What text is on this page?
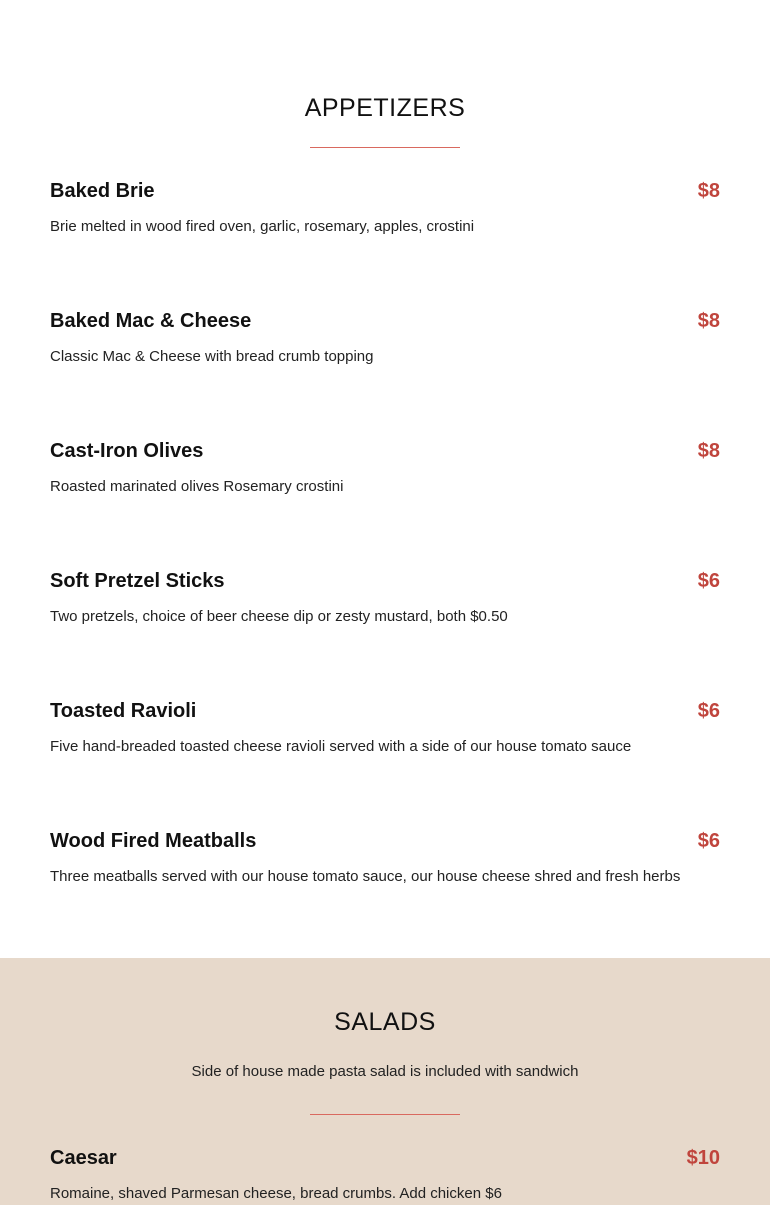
APPETIZERS
Baked Brie	$8
Brie melted in wood fired oven, garlic, rosemary, apples, crostini
Baked Mac & Cheese	$8
Classic Mac & Cheese with bread crumb topping
Cast-Iron Olives	$8
Roasted marinated olives Rosemary crostini
Soft Pretzel Sticks	$6
Two pretzels, choice of beer cheese dip or zesty mustard, both $0.50
Toasted Ravioli	$6
Five hand-breaded toasted cheese ravioli served with a side of our house tomato sauce
Wood Fired Meatballs	$6
Three meatballs served with our house tomato sauce, our house cheese shred and fresh herbs
SALADS
Side of house made pasta salad is included with sandwich
Caesar	$10
Romaine, shaved Parmesan cheese, bread crumbs. Add chicken $6
